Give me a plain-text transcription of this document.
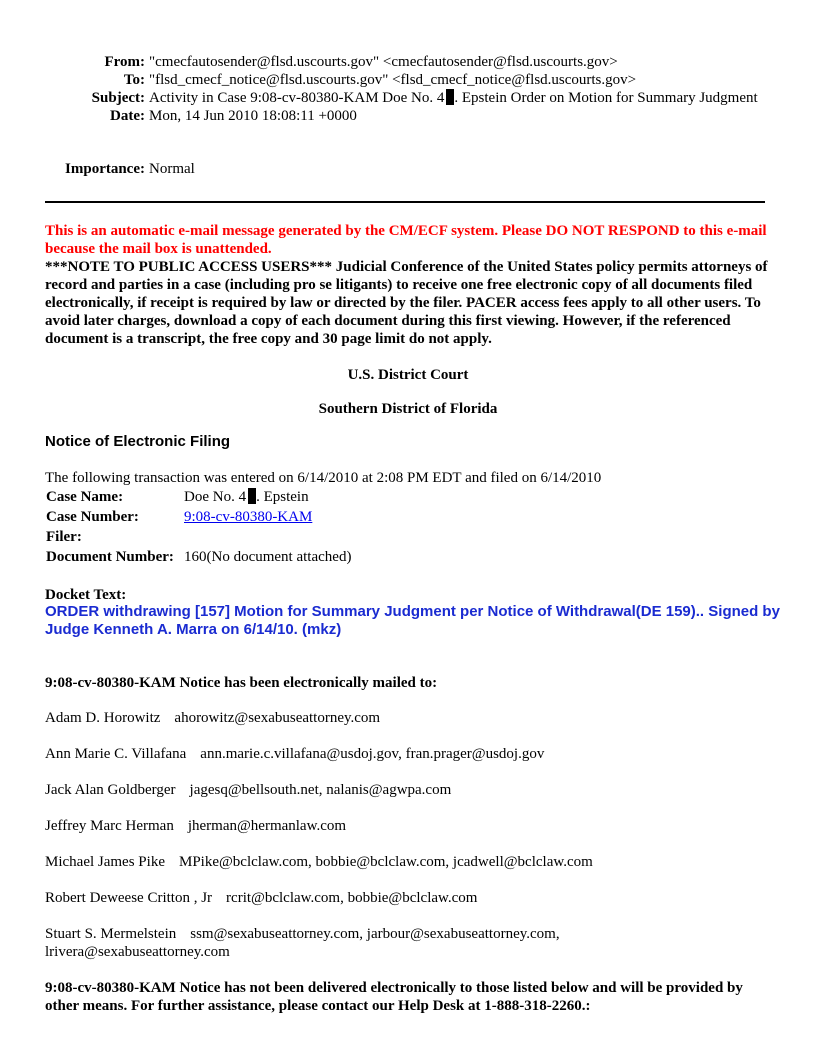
From: "cmecfautosender@flsd.uscourts.gov" <cmecfautosender@flsd.uscourts.gov>
To: "flsd_cmecf_notice@flsd.uscourts.gov" <flsd_cmecf_notice@flsd.uscourts.gov>
Subject: Activity in Case 9:08-cv-80380-KAM Doe No. 4 . Epstein Order on Motion for Summary Judgment
Date: Mon, 14 Jun 2010 18:08:11 +0000
Importance: Normal
This is an automatic e-mail message generated by the CM/ECF system. Please DO NOT RESPOND to this e-mail because the mail box is unattended.
***NOTE TO PUBLIC ACCESS USERS*** Judicial Conference of the United States policy permits attorneys of record and parties in a case (including pro se litigants) to receive one free electronic copy of all documents filed electronically, if receipt is required by law or directed by the filer. PACER access fees apply to all other users. To avoid later charges, download a copy of each document during this first viewing. However, if the referenced document is a transcript, the free copy and 30 page limit do not apply.
U.S. District Court
Southern District of Florida
Notice of Electronic Filing
The following transaction was entered on 6/14/2010 at 2:08 PM EDT and filed on 6/14/2010
Case Name:	Doe No. 4 . Epstein
Case Number:	9:08-cv-80380-KAM
Filer:	
Document Number:	160(No document attached)
Docket Text:
ORDER withdrawing [157] Motion for Summary Judgment per Notice of Withdrawal(DE 159).. Signed by Judge Kenneth A. Marra on 6/14/10. (mkz)
9:08-cv-80380-KAM Notice has been electronically mailed to:
Adam D. Horowitz ahorowitz@sexabuseattorney.com
Ann Marie C. Villafana ann.marie.c.villafana@usdoj.gov, fran.prager@usdoj.gov
Jack Alan Goldberger jagesq@bellsouth.net, nalanis@agwpa.com
Jeffrey Marc Herman jherman@hermanlaw.com
Michael James Pike MPike@bclclaw.com, bobbie@bclclaw.com, jcadwell@bclclaw.com
Robert Deweese Critton , Jr rcrit@bclclaw.com, bobbie@bclclaw.com
Stuart S. Mermelstein ssm@sexabuseattorney.com, jarbour@sexabuseattorney.com, lrivera@sexabuseattorney.com
9:08-cv-80380-KAM Notice has not been delivered electronically to those listed below and will be provided by other means. For further assistance, please contact our Help Desk at 1-888-318-2260.:
